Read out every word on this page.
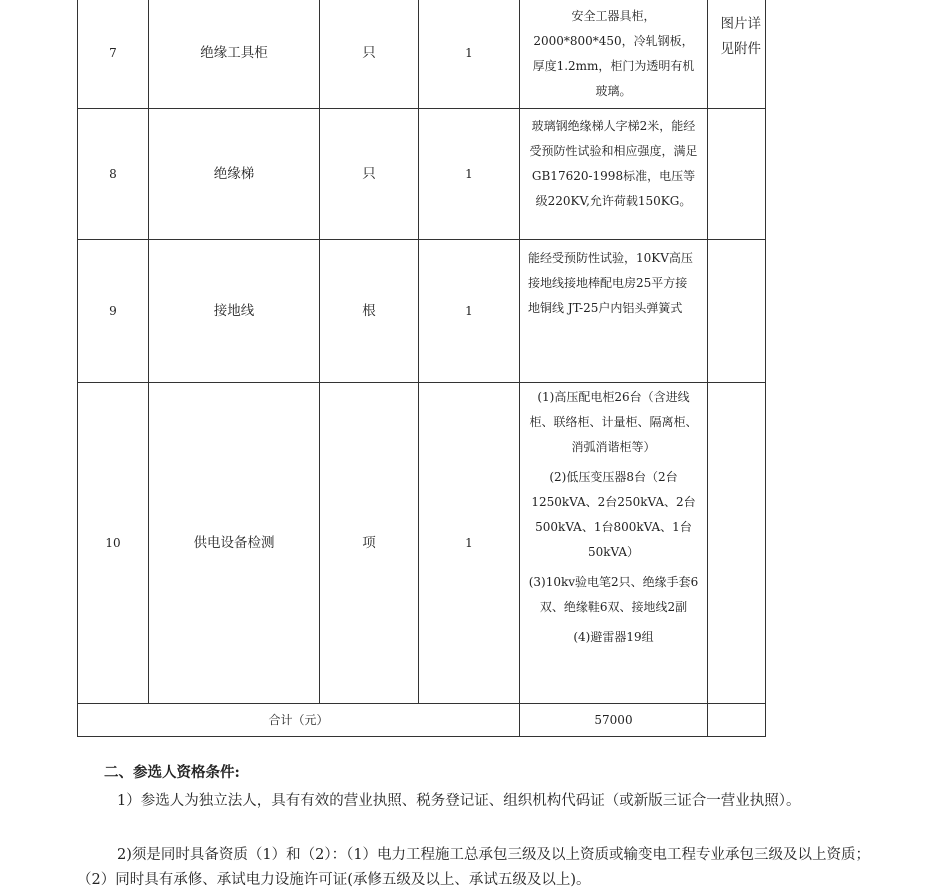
7	绝缘工具柜	只	1	安全工器具柜，2000*800*450，冷轧钢板，厚度1.2mm，柜门为透明有机玻璃。	图片详见附件
8	绝缘梯	只	1	玻璃钢绝缘梯人字梯2米，能经受预防性试验和相应强度，满足GB17620-1998标准，电压等级220KV,允许荷载150KG。	

9	接地线	根	1	能经受预防性试验，10KV高压接地线接地棒配电房25平方接地铜线 JT-25户内铝头弹簧式	

10	供电设备检测	项	1	(1)高压配电柜26台（含进线柜、联络柜、计量柜、隔离柜、消弧消谐柜等）

(2)低压变压器8台（2台1250kVA、2台250kVA、2台500kVA、1台800kVA、1台50kVA）

(3)10kv验电笔2只、绝缘手套6双、绝缘鞋6双、接地线2副

(4)避雷器19组	

合计（元）				57000	

二、参选人资格条件:

1）参选人为独立法人，具有有效的营业执照、税务登记证、组织机构代码证（或新版三证合一营业执照）。

2)须是同时具备资质（1）和（2）：（1）电力工程施工总承包三级及以上资质或输变电工程专业承包三级及以上资质；（2）同时具有承修、承试电力设施许可证(承修五级及以上、承试五级及以上)。
